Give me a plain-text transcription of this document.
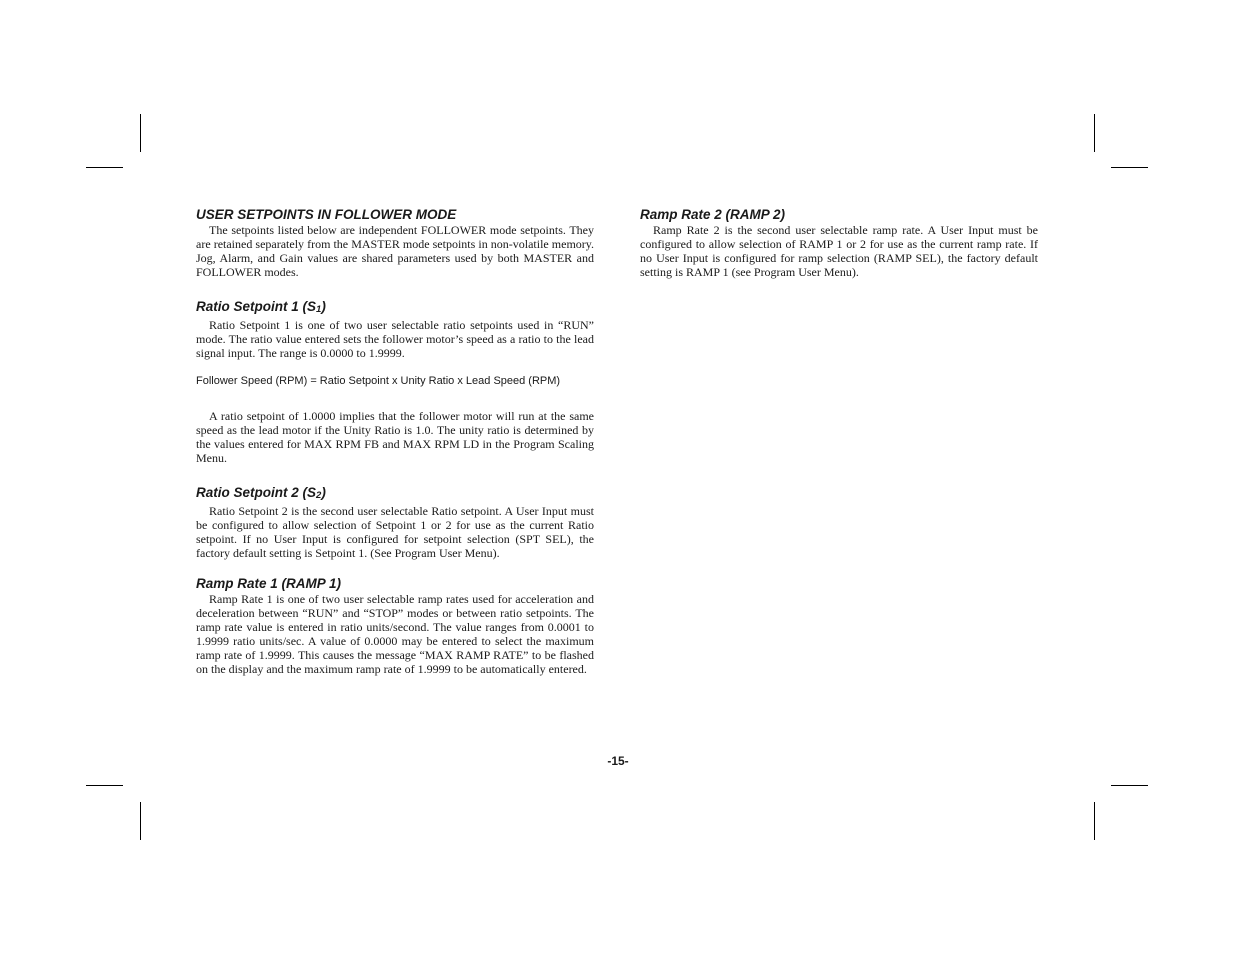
USER SETPOINTS IN FOLLOWER MODE

The setpoints listed below are independent FOLLOWER mode setpoints. They are retained separately from the MASTER mode setpoints in non-volatile memory. Jog, Alarm, and Gain values are shared parameters used by both MASTER and FOLLOWER modes.

Ratio Setpoint 1 (S1)

Ratio Setpoint 1 is one of two user selectable ratio setpoints used in “RUN” mode. The ratio value entered sets the follower motor’s speed as a ratio to the lead signal input. The range is 0.0000 to 1.9999.

Follower Speed (RPM) = Ratio Setpoint x Unity Ratio x Lead Speed (RPM)

A ratio setpoint of 1.0000 implies that the follower motor will run at the same speed as the lead motor if the Unity Ratio is 1.0. The unity ratio is determined by the values entered for MAX RPM FB and MAX RPM LD in the Program Scaling Menu.

Ratio Setpoint 2 (S2)

Ratio Setpoint 2 is the second user selectable Ratio setpoint. A User Input must be configured to allow selection of Setpoint 1 or 2 for use as the current Ratio setpoint. If no User Input is configured for setpoint selection (SPT SEL), the factory default setting is Setpoint 1. (See Program User Menu).

Ramp Rate 1 (RAMP 1)

Ramp Rate 1 is one of two user selectable ramp rates used for acceleration and deceleration between “RUN” and “STOP” modes or between ratio setpoints. The ramp rate value is entered in ratio units/second. The value ranges from 0.0001 to 1.9999 ratio units/sec. A value of 0.0000 may be entered to select the maximum ramp rate of 1.9999. This causes the message “MAX RAMP RATE” to be flashed on the display and the maximum ramp rate of 1.9999 to be automatically entered.

Ramp Rate 2 (RAMP 2)

Ramp Rate 2 is the second user selectable ramp rate. A User Input must be configured to allow selection of RAMP 1 or 2 for use as the current ramp rate. If no User Input is configured for ramp selection (RAMP SEL), the factory default setting is RAMP 1 (see Program User Menu).

-15-
